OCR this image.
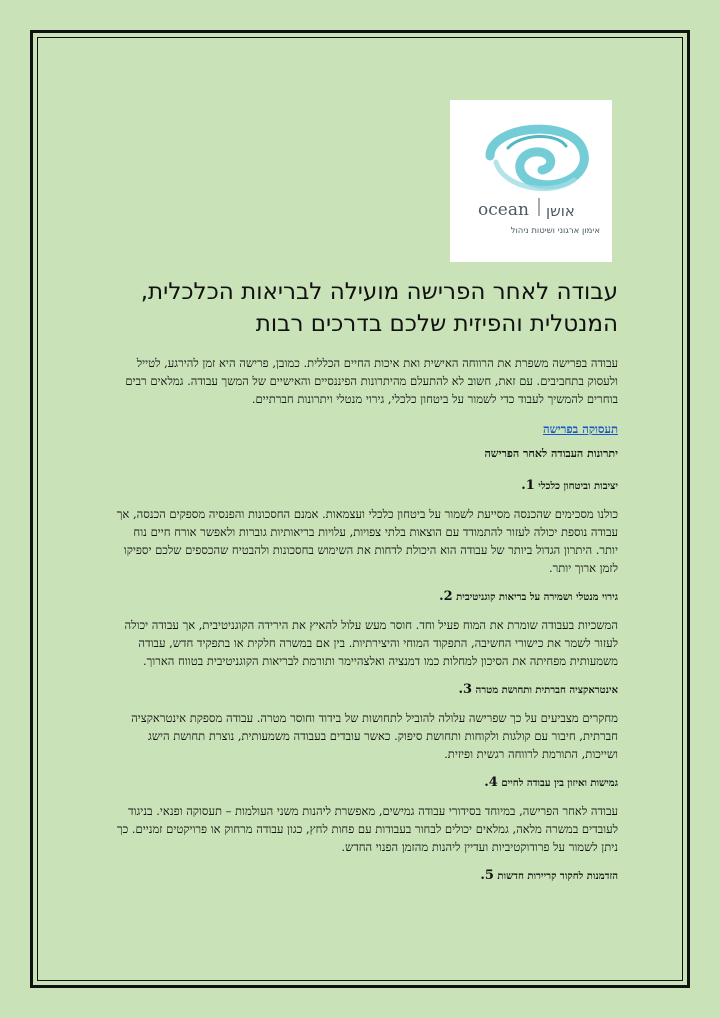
ocean אושן
אימון ארגוני ושיטות ניהול
עבודה לאחר הפרישה מועילה לבריאות הכלכלית, המנטלית והפיזית שלכם בדרכים רבות

עבודה בפרישה משפרת את הרווחה האישית ואת איכות החיים הכללית. כמובן, פרישה היא זמן להירגע, לטייל ולעסוק בתחביבים. עם זאת, חשוב לא להתעלם מהיתרונות הפיננסיים והאישיים של המשך עבודה. גמלאים רבים בוחרים להמשיך לעבוד כדי לשמור על ביטחון כלכלי, גירוי מנטלי ויתרונות חברתיים.

תעסוקה בפרישה
יתרונות העבודה לאחר הפרישה
יציבות וביטחון כלכלי 1.

כולנו מסכימים שהכנסה מסייעת לשמור על ביטחון כלכלי ועצמאות. אמנם החסכונות והפנסיה מספקים הכנסה, אך עבודה נוספת יכולה לעזור להתמודד עם הוצאות בלתי צפויות, עלויות בריאותיות גוברות ולאפשר אורח חיים נוח יותר. היתרון הגדול ביותר של עבודה הוא היכולת לדחות את השימוש בחסכונות ולהבטיח שהכספים שלכם יספיקו לזמן ארוך יותר.

גירוי מנטלי ושמירה על בריאות קוגניטיבית 2.

המשכיות בעבודה שומרת את המוח פעיל וחד. חוסר מעש עלול להאיץ את הירידה הקוגניטיבית, אך עבודה יכולה לעזור לשמר את כישורי החשיבה, התפקוד המוחי והיצירתיות. בין אם במשרה חלקית או בתפקיד חדש, עבודה משמעותית מפחיתה את הסיכון למחלות כמו דמנציה ואלצהיימר ותורמת לבריאות הקוגניטיבית בטווח הארוך.

אינטראקציה חברתית ותחושת מטרה 3.

מחקרים מצביעים על כך שפרישה עלולה להוביל לתחושות של בידוד וחוסר מטרה. עבודה מספקת אינטראקציה חברתית, חיבור עם קולגות ולקוחות ותחושת סיפוק. כאשר עובדים בעבודה משמעותית, נוצרת תחושת הישג ושייכות, התורמת לרווחה רגשית ופיזית.

גמישות ואיזון בין עבודה לחיים 4.

עבודה לאחר הפרישה, במיוחד בסידורי עבודה גמישים, מאפשרת ליהנות משני העולמות – תעסוקה ופנאי. בניגוד לעובדים במשרה מלאה, גמלאים יכולים לבחור בעבודות עם פחות לחץ, כגון עבודה מרחוק או פרויקטים זמניים. כך ניתן לשמור על פרודוקטיביות ועדיין ליהנות מהזמן הפנוי החדש.

הזדמנות לחקור קריירות חדשות 5.
